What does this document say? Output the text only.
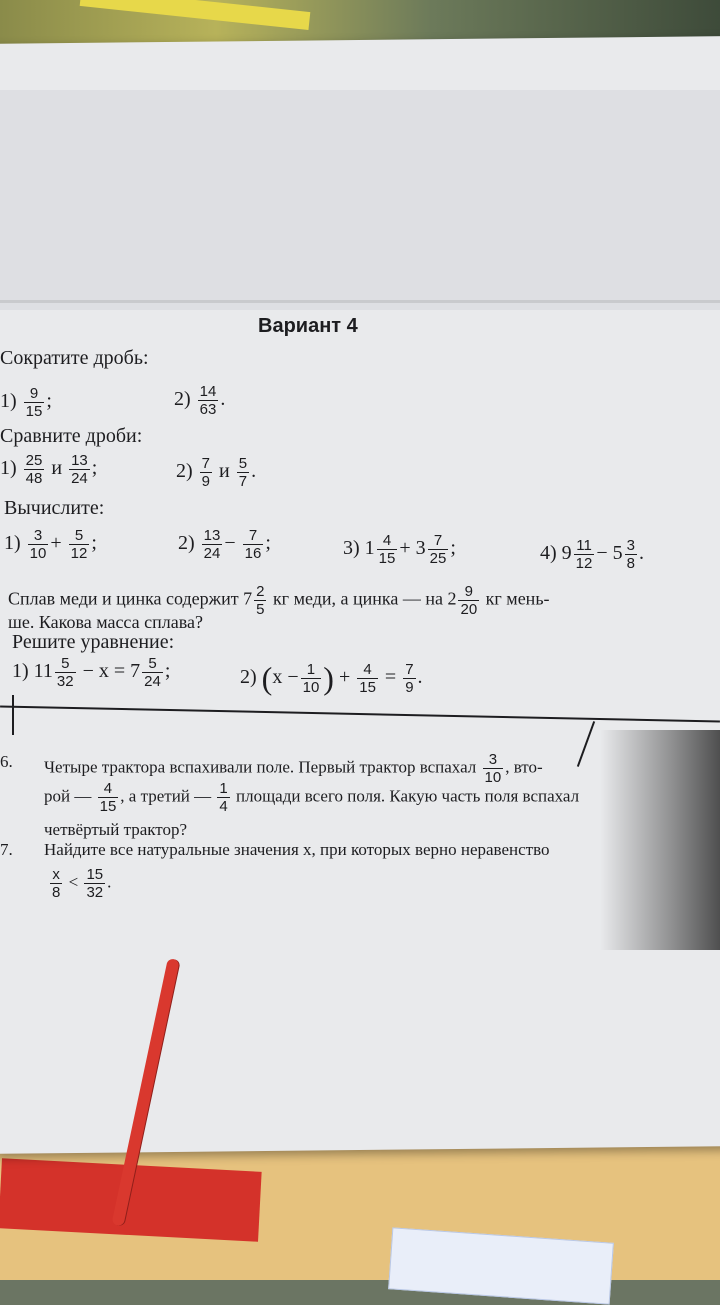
Вариант 4
Сократите дробь:
$1) \frac{9}{15}$ ;	$2) \frac{14}{63}$ .
Сравните дроби:
$1) \frac{25}{48}$ и $\frac{13}{24}$ ;	$2) \frac{7}{9}$ и $\frac{5}{7}$ .
Вычислите:
$1) \frac{3}{10} + \frac{5}{12}$ ;	$2) \frac{13}{24} - \frac{7}{16}$ ;	3) $1 \frac{4}{15} + 3 \frac{7}{25}$ ;	4) $9 \frac{11}{12} - 5 \frac{3}{8}$ .
Сплав меди и цинка содержит $7 \frac{2}{5}$ кг меди, а цинка — на $2 \frac{9}{20}$ кг мень-
ше. Какова масса сплава?
Решите уравнение:
1) $11 \frac{5}{32} - x = 7 \frac{5}{24}$ ;	2) ($x - \frac{1}{10}$ ) + $\frac{4}{15} = \frac{7}{9}$ .
6. Четыре трактора вспахивали поле. Первый трактор вспахал $\frac{3}{10}$ , вто-
рой — $\frac{4}{15}$ , а третий — $\frac{1}{4}$ площади всего поля. Какую часть поля вспахал
четвёртый трактор?
7. Найдите все натуральные значения x, при которых верно неравенство
$\frac{x}{8} < \frac{15}{32}$ .
